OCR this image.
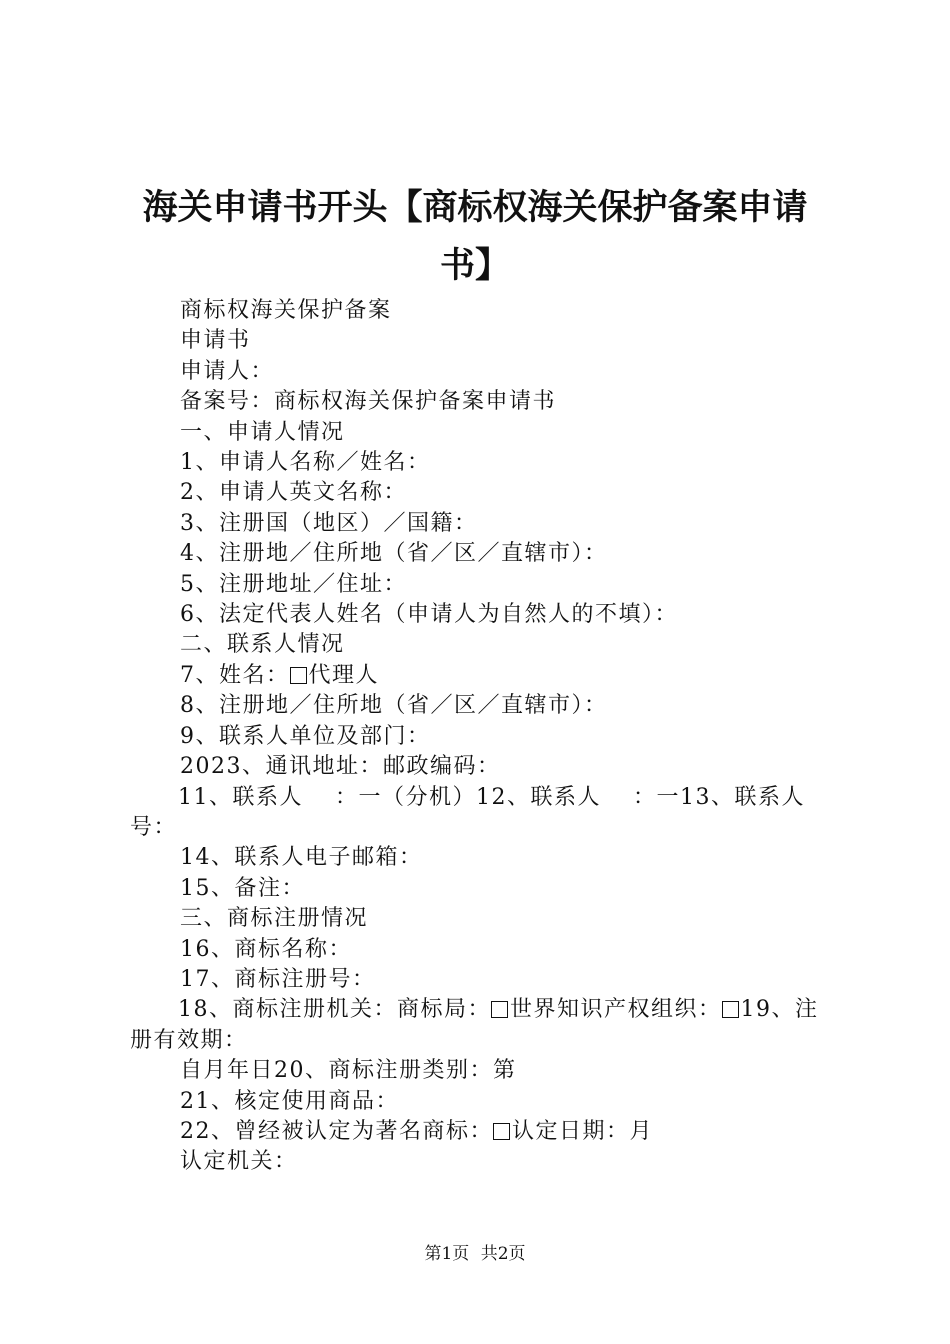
海关申请书开头【商标权海关保护备案申请
书】

商标权海关保护备案

申请书

申请人：

备案号：商标权海关保护备案申请书

一、申请人情况

1、申请人名称／姓名：

2、申请人英文名称：

3、注册国（地区）／国籍：

4、注册地／住所地（省／区／直辖市）：

5、注册地址／住址：

6、法定代表人姓名（申请人为自然人的不填）：

二、联系人情况

7、姓名： 代理人

8、注册地／住所地（省／区／直辖市）：

9、联系人单位及部门：

2023、通讯地址：邮政编码：

11、联系人　 ：一（分机）12、联系人　 ：一13、联系人号：

14、联系人电子邮箱：

15、备注：

三、商标注册情况

16、商标名称：

17、商标注册号：

18、商标注册机关：商标局： 世界知识产权组织： 19、注册有效期：

自月年日20、商标注册类别：第

21、核定使用商品：

22、曾经被认定为著名商标： 认定日期：月

认定机关：

第1页 共2页
